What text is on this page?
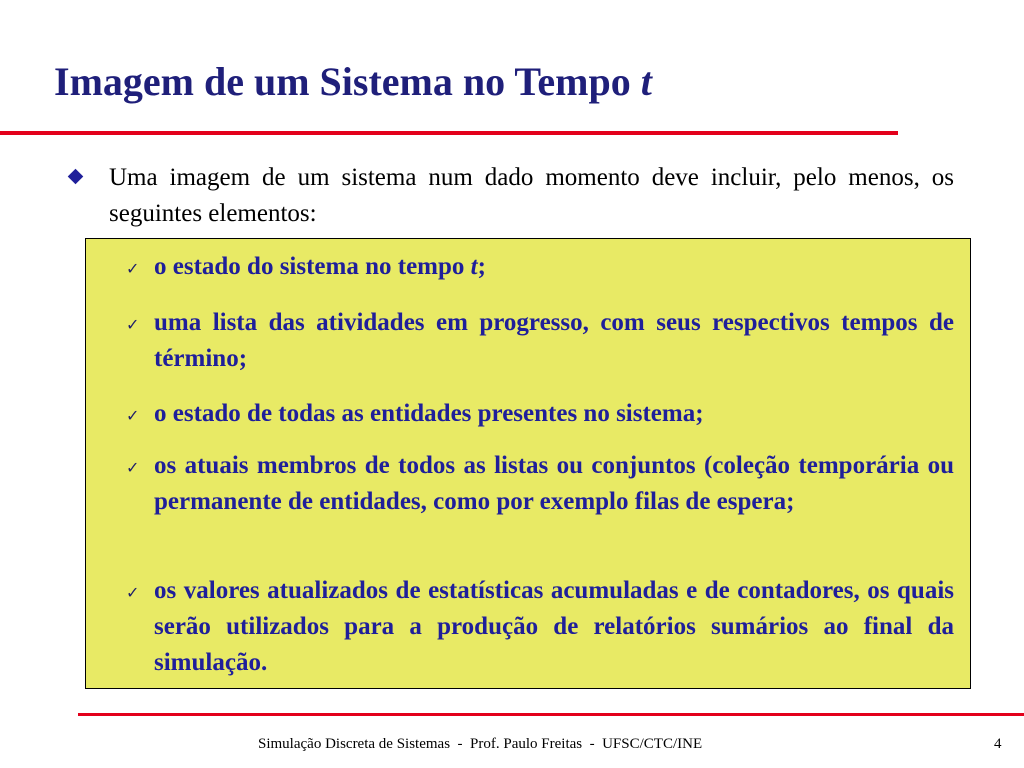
Imagem de um Sistema no Tempo t
Uma imagem de um sistema num dado momento deve incluir, pelo menos, os seguintes elementos:
✓ o estado do sistema no tempo t;
✓ uma lista das atividades em progresso, com seus respectivos tempos de término;
✓ o estado de todas as entidades presentes no sistema;
✓ os atuais membros de todos as listas ou conjuntos (coleção temporária ou permanente de entidades, como por exemplo filas de espera;
✓ os valores atualizados de estatísticas acumuladas e de contadores, os quais serão utilizados para a produção de relatórios sumários ao final da simulação.
Simulação Discreta de Sistemas  -  Prof. Paulo Freitas  -  UFSC/CTC/INE	4
